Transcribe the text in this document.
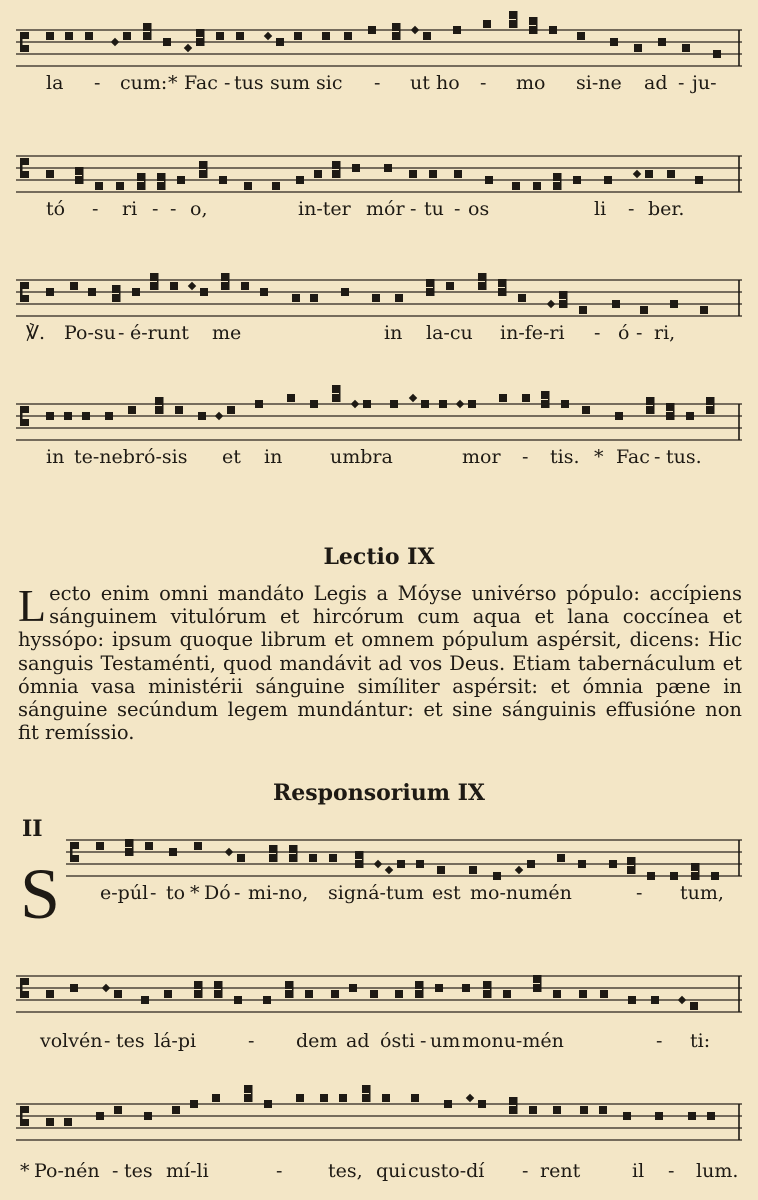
la - cum: * Fac - tus sum sic - ut ho - mo si-ne ad - ju-
tó - ri - - o,	in-ter mór - tu - os	li - ber.
℣. Po-su - é-runt me	in la-cu in-fe-ri - ó - ri,
in te-nebró-sis et in	umbra	mor - tis. * Fac - tus.
Lectio IX
L ecto enim omni mandáto Legis a Móyse univérso pópulo: accípiens sánguinem vitulórum et hircórum cum aqua et lana coccínea et hyssópo: ipsum quoque librum et omnem pópulum aspérsit, dicens: Hic sanguis Testaménti, quod mandávit ad vos Deus. Etiam tabernáculum et ómnia vasa ministérii sánguine simíliter aspérsit: et ómnia pæne in sánguine secúndum legem mundántur: et sine sánguinis effusióne non fit remíssio.

Responsorium IX
II
S e-púl - to * Dó - mi-no, signá-tum est mo-numén	- tum,
volvén - tes lá-pi	- dem ad ósti - um monu-mén	- ti:
* Po-nén - tes mí-li	- tes, qui custo-dí - rent	il - lum.
